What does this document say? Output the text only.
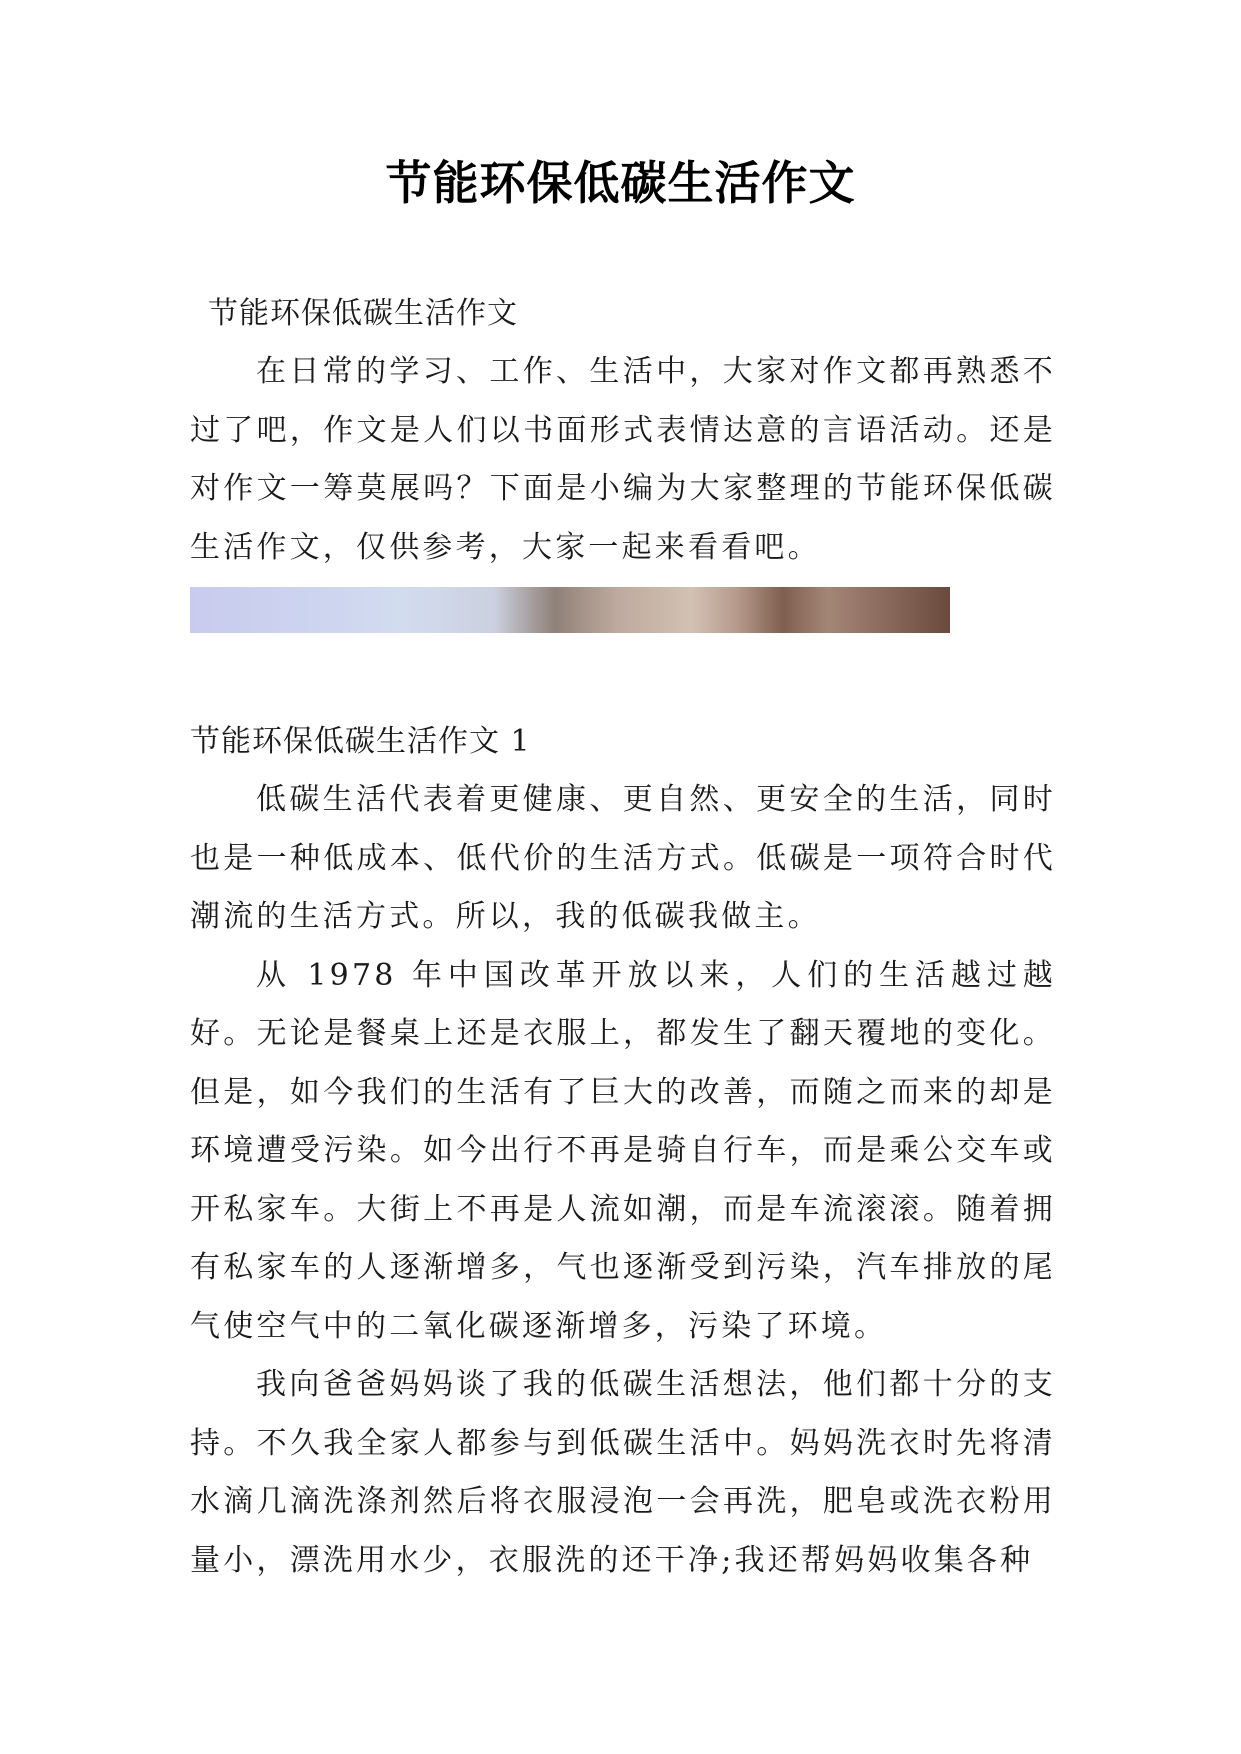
节能环保低碳生活作文

节能环保低碳生活作文

在日常的学习、工作、生活中，大家对作文都再熟悉不过了吧，作文是人们以书面形式表情达意的言语活动。还是对作文一筹莫展吗？下面是小编为大家整理的节能环保低碳生活作文，仅供参考，大家一起来看看吧。

节能环保低碳生活作文 1

低碳生活代表着更健康、更自然、更安全的生活，同时也是一种低成本、低代价的生活方式。低碳是一项符合时代潮流的生活方式。所以，我的低碳我做主。

从 1978 年中国改革开放以来，人们的生活越过越好。无论是餐桌上还是衣服上，都发生了翻天覆地的变化。但是，如今我们的生活有了巨大的改善，而随之而来的却是环境遭受污染。如今出行不再是骑自行车，而是乘公交车或开私家车。大街上不再是人流如潮，而是车流滚滚。随着拥有私家车的人逐渐增多，气也逐渐受到污染，汽车排放的尾气使空气中的二氧化碳逐渐增多，污染了环境。

我向爸爸妈妈谈了我的低碳生活想法，他们都十分的支持。不久我全家人都参与到低碳生活中。妈妈洗衣时先将清水滴几滴洗涤剂然后将衣服浸泡一会再洗，肥皂或洗衣粉用量小，漂洗用水少，衣服洗的还干净;我还帮妈妈收集各种
